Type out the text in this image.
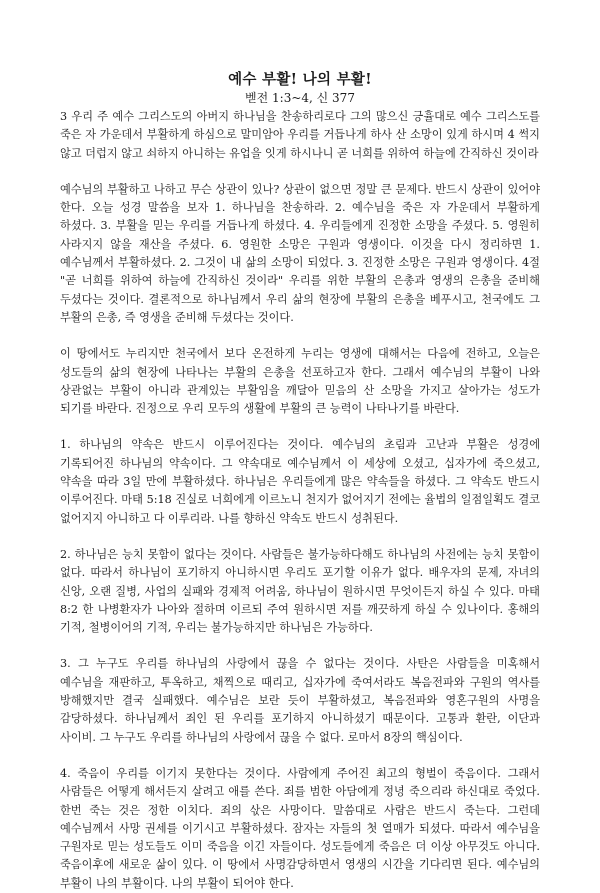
예수 부활! 나의 부활!
벧전 1:3~4, 신 377

3 우리 주 예수 그리스도의 아버지 하나님을 찬송하리로다 그의 많으신 긍휼대로 예수 그리스도를 죽은 자 가운데서 부활하게 하심으로 말미암아 우리를 거듭나게 하사 산 소망이 있게 하시며 4 썩지 않고 더럽지 않고 쇠하지 아니하는 유업을 잇게 하시나니 곧 너희를 위하여 하늘에 간직하신 것이라

예수님의 부활하고 나하고 무슨 상관이 있나? 상관이 없으면 정말 큰 문제다. 반드시 상관이 있어야 한다. 오늘 성경 말씀을 보자 1. 하나님을 찬송하라. 2. 예수님을 죽은 자 가운데서 부활하게 하셨다. 3. 부활을 믿는 우리를 거듭나게 하셨다. 4. 우리들에게 진정한 소망을 주셨다. 5. 영원히 사라지지 않을 재산을 주셨다. 6. 영원한 소망은 구원과 영생이다. 이것을 다시 정리하면 1. 예수님께서 부활하셨다. 2. 그것이 내 삶의 소망이 되었다. 3. 진정한 소망은 구원과 영생이다. 4절 "곧 너희를 위하여 하늘에 간직하신 것이라" 우리를 위한 부활의 은총과 영생의 은총을 준비해 두셨다는 것이다. 결론적으로 하나님께서 우리 삶의 현장에 부활의 은총을 베푸시고, 천국에도 그 부활의 은총, 즉 영생을 준비해 두셨다는 것이다.

이 땅에서도 누리지만 천국에서 보다 온전하게 누리는 영생에 대해서는 다음에 전하고, 오늘은 성도들의 삶의 현장에 나타나는 부활의 은총을 선포하고자 한다. 그래서 예수님의 부활이 나와 상관없는 부활이 아니라 관계있는 부활임을 깨달아 믿음의 산 소망을 가지고 살아가는 성도가 되기를 바란다. 진정으로 우리 모두의 생활에 부활의 큰 능력이 나타나기를 바란다.

1. 하나님의 약속은 반드시 이루어진다는 것이다. 예수님의 초림과 고난과 부활은 성경에 기록되어진 하나님의 약속이다. 그 약속대로 예수님께서 이 세상에 오셨고, 십자가에 죽으셨고, 약속을 따라 3일 만에 부활하셨다. 하나님은 우리들에게 많은 약속들을 하셨다. 그 약속도 반드시 이루어진다. 마태 5:18 진실로 너희에게 이르노니 천지가 없어지기 전에는 율법의 일점일획도 결코 없어지지 아니하고 다 이루리라. 나를 향하신 약속도 반드시 성취된다.

2. 하나님은 능치 못함이 없다는 것이다. 사람들은 불가능하다해도 하나님의 사전에는 능치 못함이 없다. 따라서 하나님이 포기하지 아니하시면 우리도 포기할 이유가 없다. 배우자의 문제, 자녀의 신앙, 오랜 질병, 사업의 실패와 경제적 어려움, 하나님이 원하시면 무엇이든지 하실 수 있다. 마태 8:2 한 나병환자가 나아와 절하며 이르되 주여 원하시면 저를 깨끗하게 하실 수 있나이다. 홍해의 기적, 철병이어의 기적, 우리는 불가능하지만 하나님은 가능하다.

3. 그 누구도 우리를 하나님의 사랑에서 끊을 수 없다는 것이다. 사탄은 사람들을 미혹해서 예수님을 재판하고, 투옥하고, 채찍으로 때리고, 십자가에 죽여서라도 복음전파와 구원의 역사를 방해했지만 결국 실패했다. 예수님은 보란 듯이 부활하셨고, 복음전파와 영혼구원의 사명을 감당하셨다. 하나님께서 죄인 된 우리를 포기하지 아니하셨기 때문이다. 고통과 환란, 이단과 사이비. 그 누구도 우리를 하나님의 사랑에서 끊을 수 없다. 로마서 8장의 핵심이다.

4. 죽음이 우리를 이기지 못한다는 것이다. 사람에게 주어진 최고의 형벌이 죽음이다. 그래서 사람들은 어떻게 해서든지 살려고 애를 쓴다. 죄를 범한 아담에게 정녕 죽으리라 하신대로 죽었다. 한번 죽는 것은 정한 이치다. 죄의 삯은 사망이다. 말씀대로 사람은 반드시 죽는다. 그런데 예수님께서 사망 권세를 이기시고 부활하셨다. 잠자는 자들의 첫 열매가 되셨다. 따라서 예수님을 구원자로 믿는 성도들도 이미 죽음을 이긴 자들이다. 성도들에게 죽음은 더 이상 아무것도 아니다. 죽음이후에 새로운 삶이 있다. 이 땅에서 사명감당하면서 영생의 시간을 기다리면 된다. 예수님의 부활이 나의 부활이다. 나의 부활이 되어야 한다.
